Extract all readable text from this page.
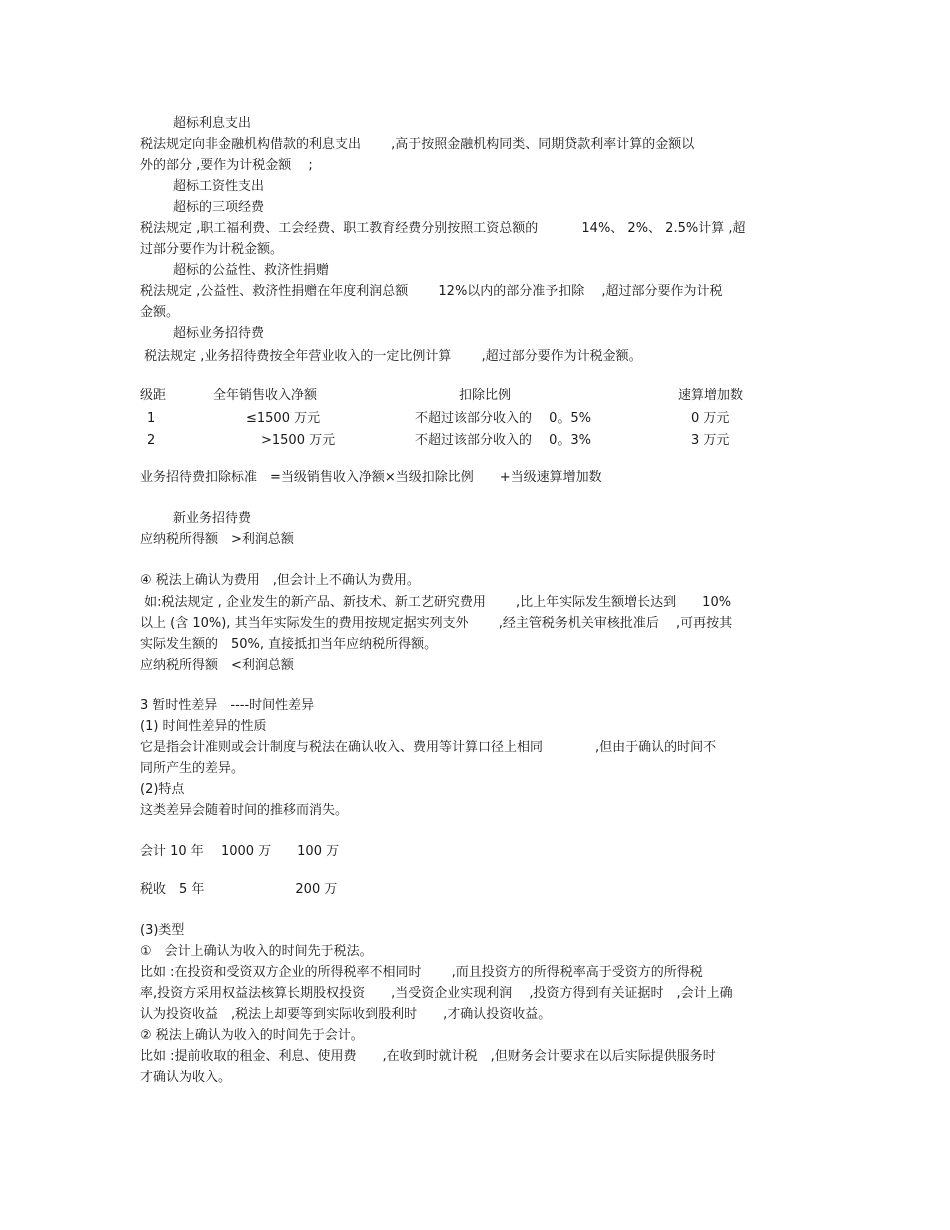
超标利息支出
税法规定向非金融机构借款的利息支出　　 ,高于按照金融机构同类、同期贷款利率计算的金额以
外的部分 ,要作为计税金额　 ;
超标工资性支出
超标的三项经费
税法规定 ,职工福利费、工会经费、职工教育经费分别按照工资总额的　　　 14%、 2%、 2.5%计算 ,超
过部分要作为计税金额。
超标的公益性、救济性捐赠
税法规定 ,公益性、救济性捐赠在年度利润总额　　 12%以内的部分准予扣除　 ,超过部分要作为计税
金额。
超标业务招待费
税法规定 ,业务招待费按全年营业收入的一定比例计算　　 ,超过部分要作为计税金额。
级距	全年销售收入净额	扣除比例	速算增加数
1	≤1500 万元	不超过该部分收入的　 0。5%	0 万元
2	>1500 万元	不超过该部分收入的　 0。3%	3 万元
业务招待费扣除标准　=当级销售收入净额×当级扣除比例　　+当级速算增加数
新业务招待费
应纳税所得额　>利润总额
④ 税法上确认为费用　,但会计上不确认为费用。
如:税法规定 , 企业发生的新产品、新技术、新工艺研究费用　　 ,比上年实际发生额增长达到　　10%
以上 (含 10%), 其当年实际发生的费用按规定据实列支外　　 ,经主管税务机关审核批准后　 ,可再按其
实际发生额的　50%, 直接抵扣当年应纳税所得额。
应纳税所得额　<利润总额
3 暂时性差异　----时间性差异
(1) 时间性差异的性质
它是指会计准则或会计制度与税法在确认收入、费用等计算口径上相同　　　　,但由于确认的时间不
同所产生的差异。
(2)特点
这类差异会随着时间的推移而消失。
会计 10 年　 1000 万　　100 万
税收　5 年　　　　　　　200 万
(3)类型
①　会计上确认为收入的时间先于税法。
比如 :在投资和受资双方企业的所得税率不相同时　　 ,而且投资方的所得税率高于受资方的所得税
率,投资方采用权益法核算长期股权投资　　,当受资企业实现利润　 ,投资方得到有关证据时　,会计上确
认为投资收益　,税法上却要等到实际收到股利时　　,才确认投资收益。
② 税法上确认为收入的时间先于会计。
比如 :提前收取的租金、利息、使用费　　,在收到时就计税　,但财务会计要求在以后实际提供服务时
才确认为收入。
